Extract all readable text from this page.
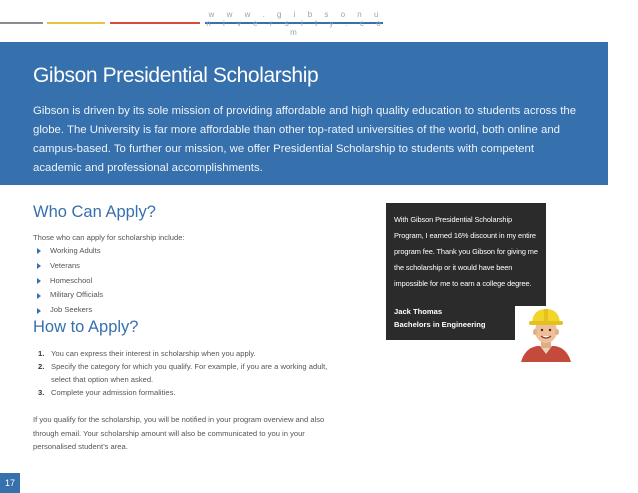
w w w . g i b s o n u n i v e r s i t y . c o m
Gibson Presidential Scholarship

Gibson is driven by its sole mission of providing affordable and high quality education to students across the globe. The University is far more affordable than other top-rated universities of the world, both online and campus-based. To further our mission, we offer Presidential Scholarship to students with competent academic and professional accomplishments.

Who Can Apply?
Those who can apply for scholarship include:
Working Adults
Veterans
Homeschool
Military Officials
Job Seekers
How to Apply?
1. You can express their interest in scholarship when you apply.
2. Specify the category for which you qualify. For example, if you are a working adult, select that option when asked.
3. Complete your admission formalities.
If you qualify for the scholarship, you will be notified in your program overview and also through email. Your scholarship amount will also be communicated to you in your personalised student’s area.
With Gibson Presidential Scholarship Program, I earned 16% discount in my entire program fee. Thank you Gibson for giving me the scholarship or it would have been impossible for me to earn a college degree.
Jack Thomas
Bachelors in Engineering
17
